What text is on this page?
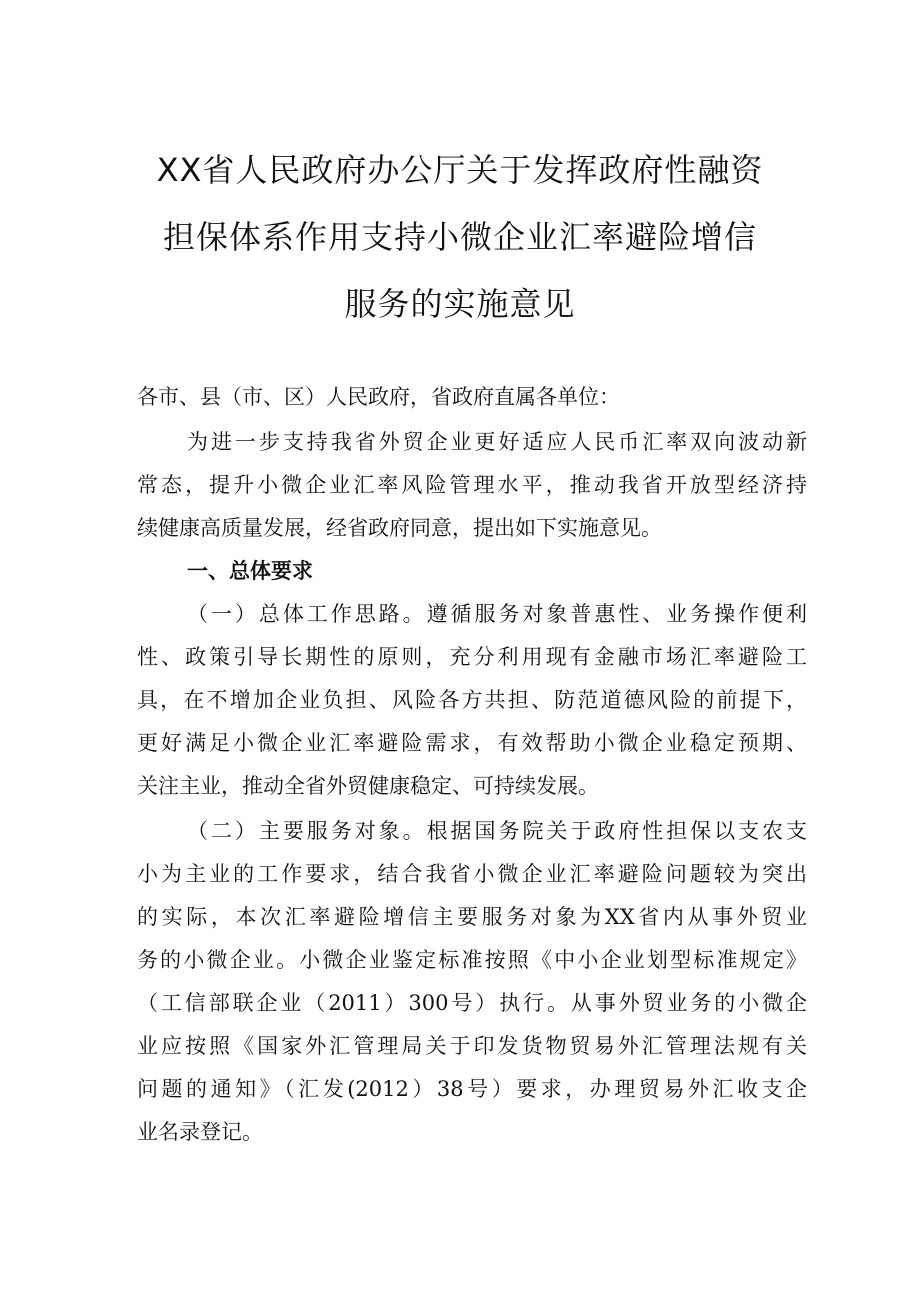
XX省人民政府办公厅关于发挥政府性融资
担保体系作用支持小微企业汇率避险增信
服务的实施意见
各市、县（市、区）人民政府，省政府直属各单位：
为进一步支持我省外贸企业更好适应人民币汇率双向波动新
常态，提升小微企业汇率风险管理水平，推动我省开放型经济持
续健康高质量发展，经省政府同意，提出如下实施意见。
一、总体要求
（一）总体工作思路。遵循服务对象普惠性、业务操作便利
性、政策引导长期性的原则，充分利用现有金融市场汇率避险工
具，在不增加企业负担、风险各方共担、防范道德风险的前提下，
更好满足小微企业汇率避险需求，有效帮助小微企业稳定预期、
关注主业，推动全省外贸健康稳定、可持续发展。
（二）主要服务对象。根据国务院关于政府性担保以支农支
小为主业的工作要求，结合我省小微企业汇率避险问题较为突出
的实际，本次汇率避险增信主要服务对象为XX省内从事外贸业
务的小微企业。小微企业鉴定标准按照《中小企业划型标准规定》
（工信部联企业（2011）300号）执行。从事外贸业务的小微企
业应按照《国家外汇管理局关于印发货物贸易外汇管理法规有关
问题的通知》（汇发(2012）38号）要求，办理贸易外汇收支企
业名录登记。
